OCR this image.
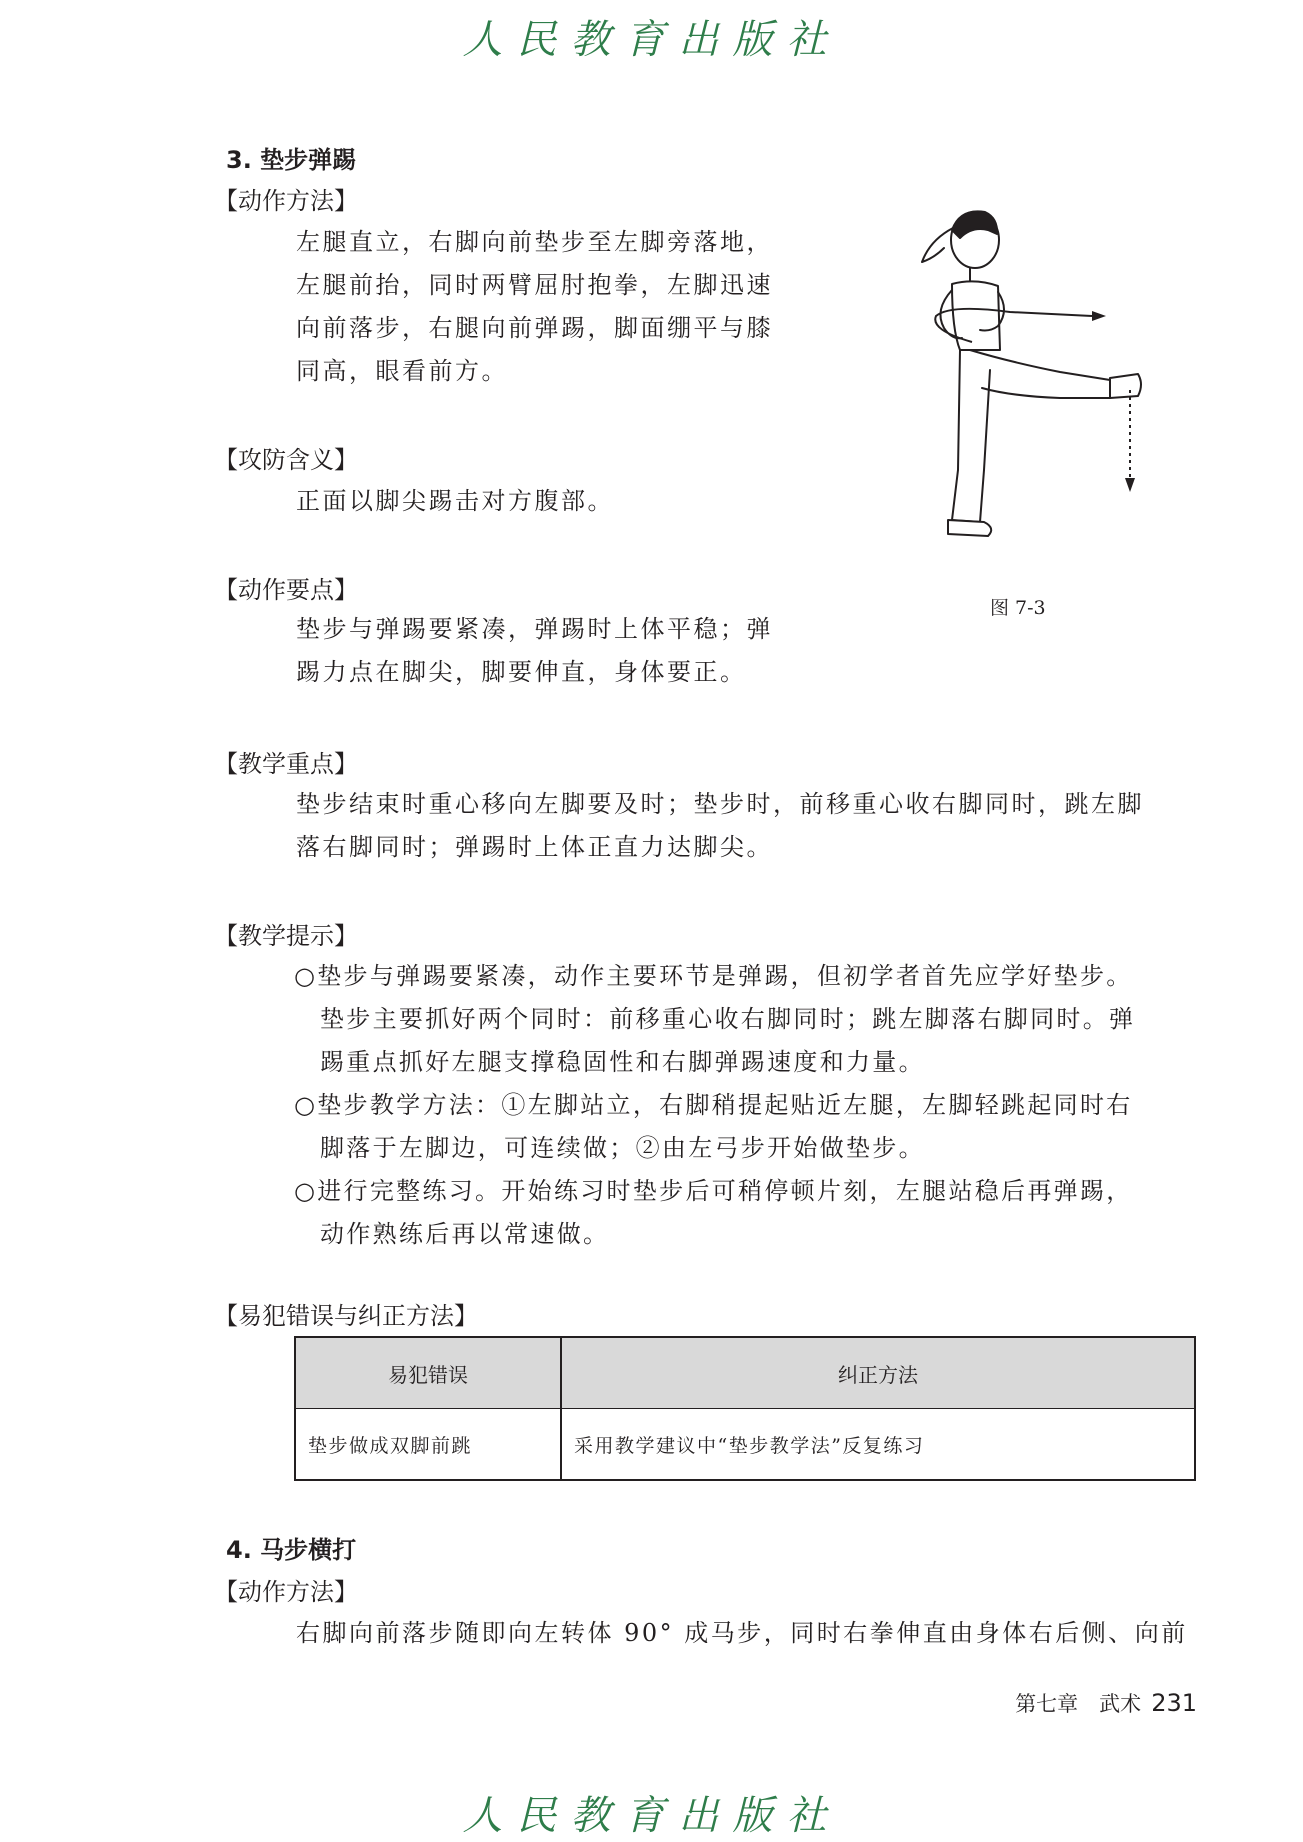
人民教育出版社
3. 垫步弹踢
【动作方法】
左腿直立，右脚向前垫步至左脚旁落地，
左腿前抬，同时两臂屈肘抱拳，左脚迅速
向前落步，右腿向前弹踢，脚面绷平与膝
同高，眼看前方。
【攻防含义】
正面以脚尖踢击对方腹部。
【动作要点】
垫步与弹踢要紧凑，弹踢时上体平稳；弹
踢力点在脚尖，脚要伸直，身体要正。
图 7-3
【教学重点】
垫步结束时重心移向左脚要及时；垫步时，前移重心收右脚同时，跳左脚
落右脚同时；弹踢时上体正直力达脚尖。
【教学提示】
○垫步与弹踢要紧凑，动作主要环节是弹踢，但初学者首先应学好垫步。
垫步主要抓好两个同时：前移重心收右脚同时；跳左脚落右脚同时。弹
踢重点抓好左腿支撑稳固性和右脚弹踢速度和力量。
○垫步教学方法：①左脚站立，右脚稍提起贴近左腿，左脚轻跳起同时右
脚落于左脚边，可连续做；②由左弓步开始做垫步。
○进行完整练习。开始练习时垫步后可稍停顿片刻，左腿站稳后再弹踢，
动作熟练后再以常速做。
【易犯错误与纠正方法】
易犯错误	纠正方法
垫步做成双脚前跳	采用教学建议中“垫步教学法”反复练习
4. 马步横打
【动作方法】
右脚向前落步随即向左转体 90° 成马步，同时右拳伸直由身体右后侧、向前
第七章　武术 231
人民教育出版社
